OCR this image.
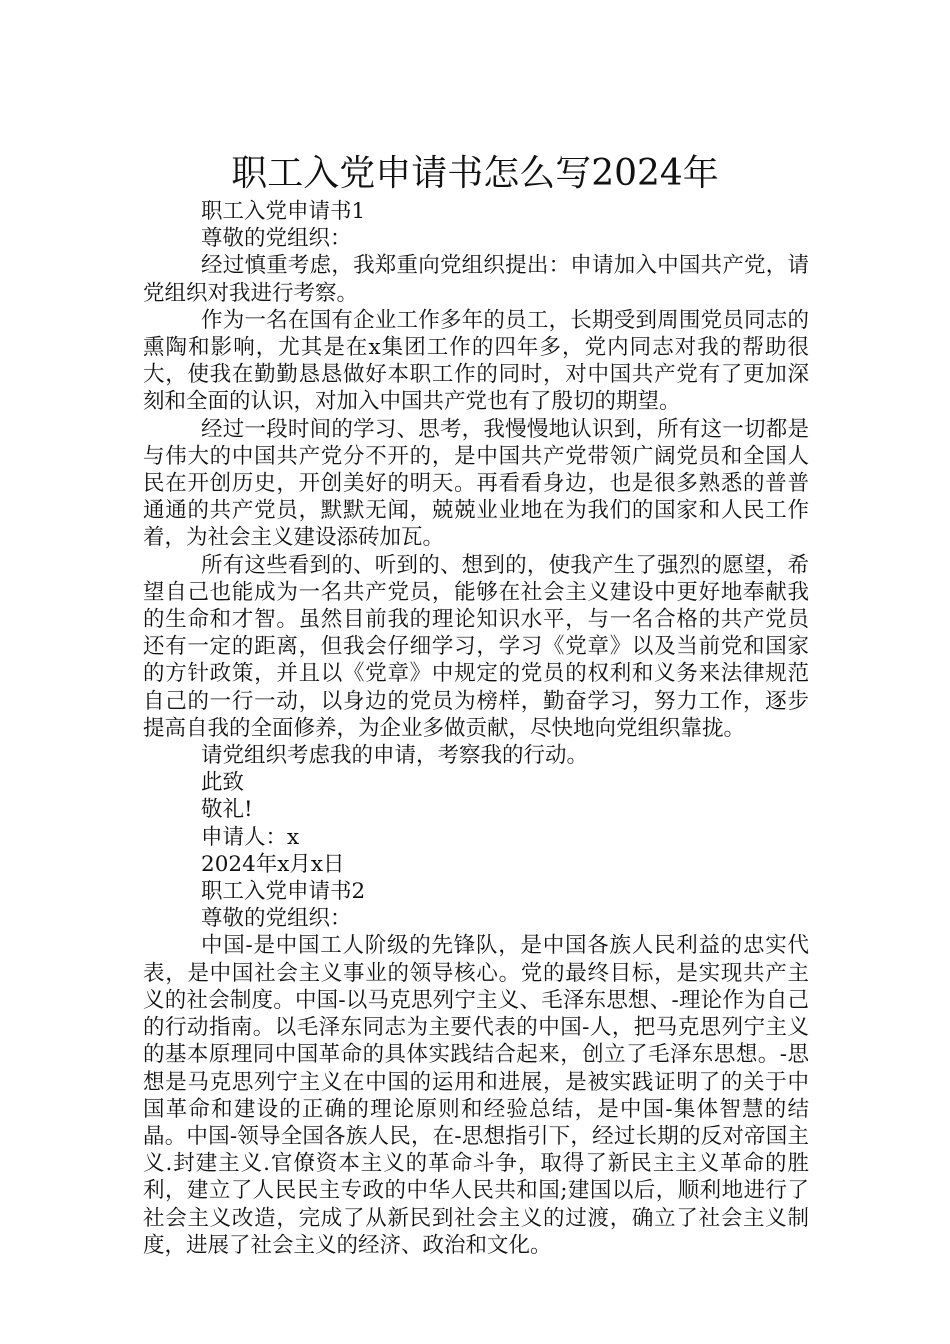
职工入党申请书怎么写2024年

职工入党申请书1

尊敬的党组织：

经过慎重考虑，我郑重向党组织提出：申请加入中国共产党，请党组织对我进行考察。

作为一名在国有企业工作多年的员工，长期受到周围党员同志的熏陶和影响，尤其是在x集团工作的四年多，党内同志对我的帮助很大，使我在勤勤恳恳做好本职工作的同时，对中国共产党有了更加深刻和全面的认识，对加入中国共产党也有了殷切的期望。

经过一段时间的学习、思考，我慢慢地认识到，所有这一切都是与伟大的中国共产党分不开的，是中国共产党带领广阔党员和全国人民在开创历史，开创美好的明天。再看看身边，也是很多熟悉的普普通通的共产党员，默默无闻，兢兢业业地在为我们的国家和人民工作着，为社会主义建设添砖加瓦。

所有这些看到的、听到的、想到的，使我产生了强烈的愿望，希望自己也能成为一名共产党员，能够在社会主义建设中更好地奉献我的生命和才智。虽然目前我的理论知识水平，与一名合格的共产党员还有一定的距离，但我会仔细学习，学习《党章》以及当前党和国家的方针政策，并且以《党章》中规定的党员的权利和义务来法律规范自己的一行一动，以身边的党员为榜样，勤奋学习，努力工作，逐步提高自我的全面修养，为企业多做贡献，尽快地向党组织靠拢。

请党组织考虑我的申请，考察我的行动。

此致

敬礼!

申请人：x

2024年x月x日

职工入党申请书2

尊敬的党组织：

中国-是中国工人阶级的先锋队，是中国各族人民利益的忠实代表，是中国社会主义事业的领导核心。党的最终目标，是实现共产主义的社会制度。中国-以马克思列宁主义、毛泽东思想、-理论作为自己的行动指南。以毛泽东同志为主要代表的中国-人，把马克思列宁主义的基本原理同中国革命的具体实践结合起来，创立了毛泽东思想。-思想是马克思列宁主义在中国的运用和进展，是被实践证明了的关于中国革命和建设的正确的理论原则和经验总结，是中国-集体智慧的结晶。中国-领导全国各族人民，在-思想指引下，经过长期的反对帝国主义.封建主义.官僚资本主义的革命斗争，取得了新民主主义革命的胜利，建立了人民民主专政的中华人民共和国;建国以后，顺利地进行了社会主义改造，完成了从新民到社会主义的过渡，确立了社会主义制度，进展了社会主义的经济、政治和文化。
